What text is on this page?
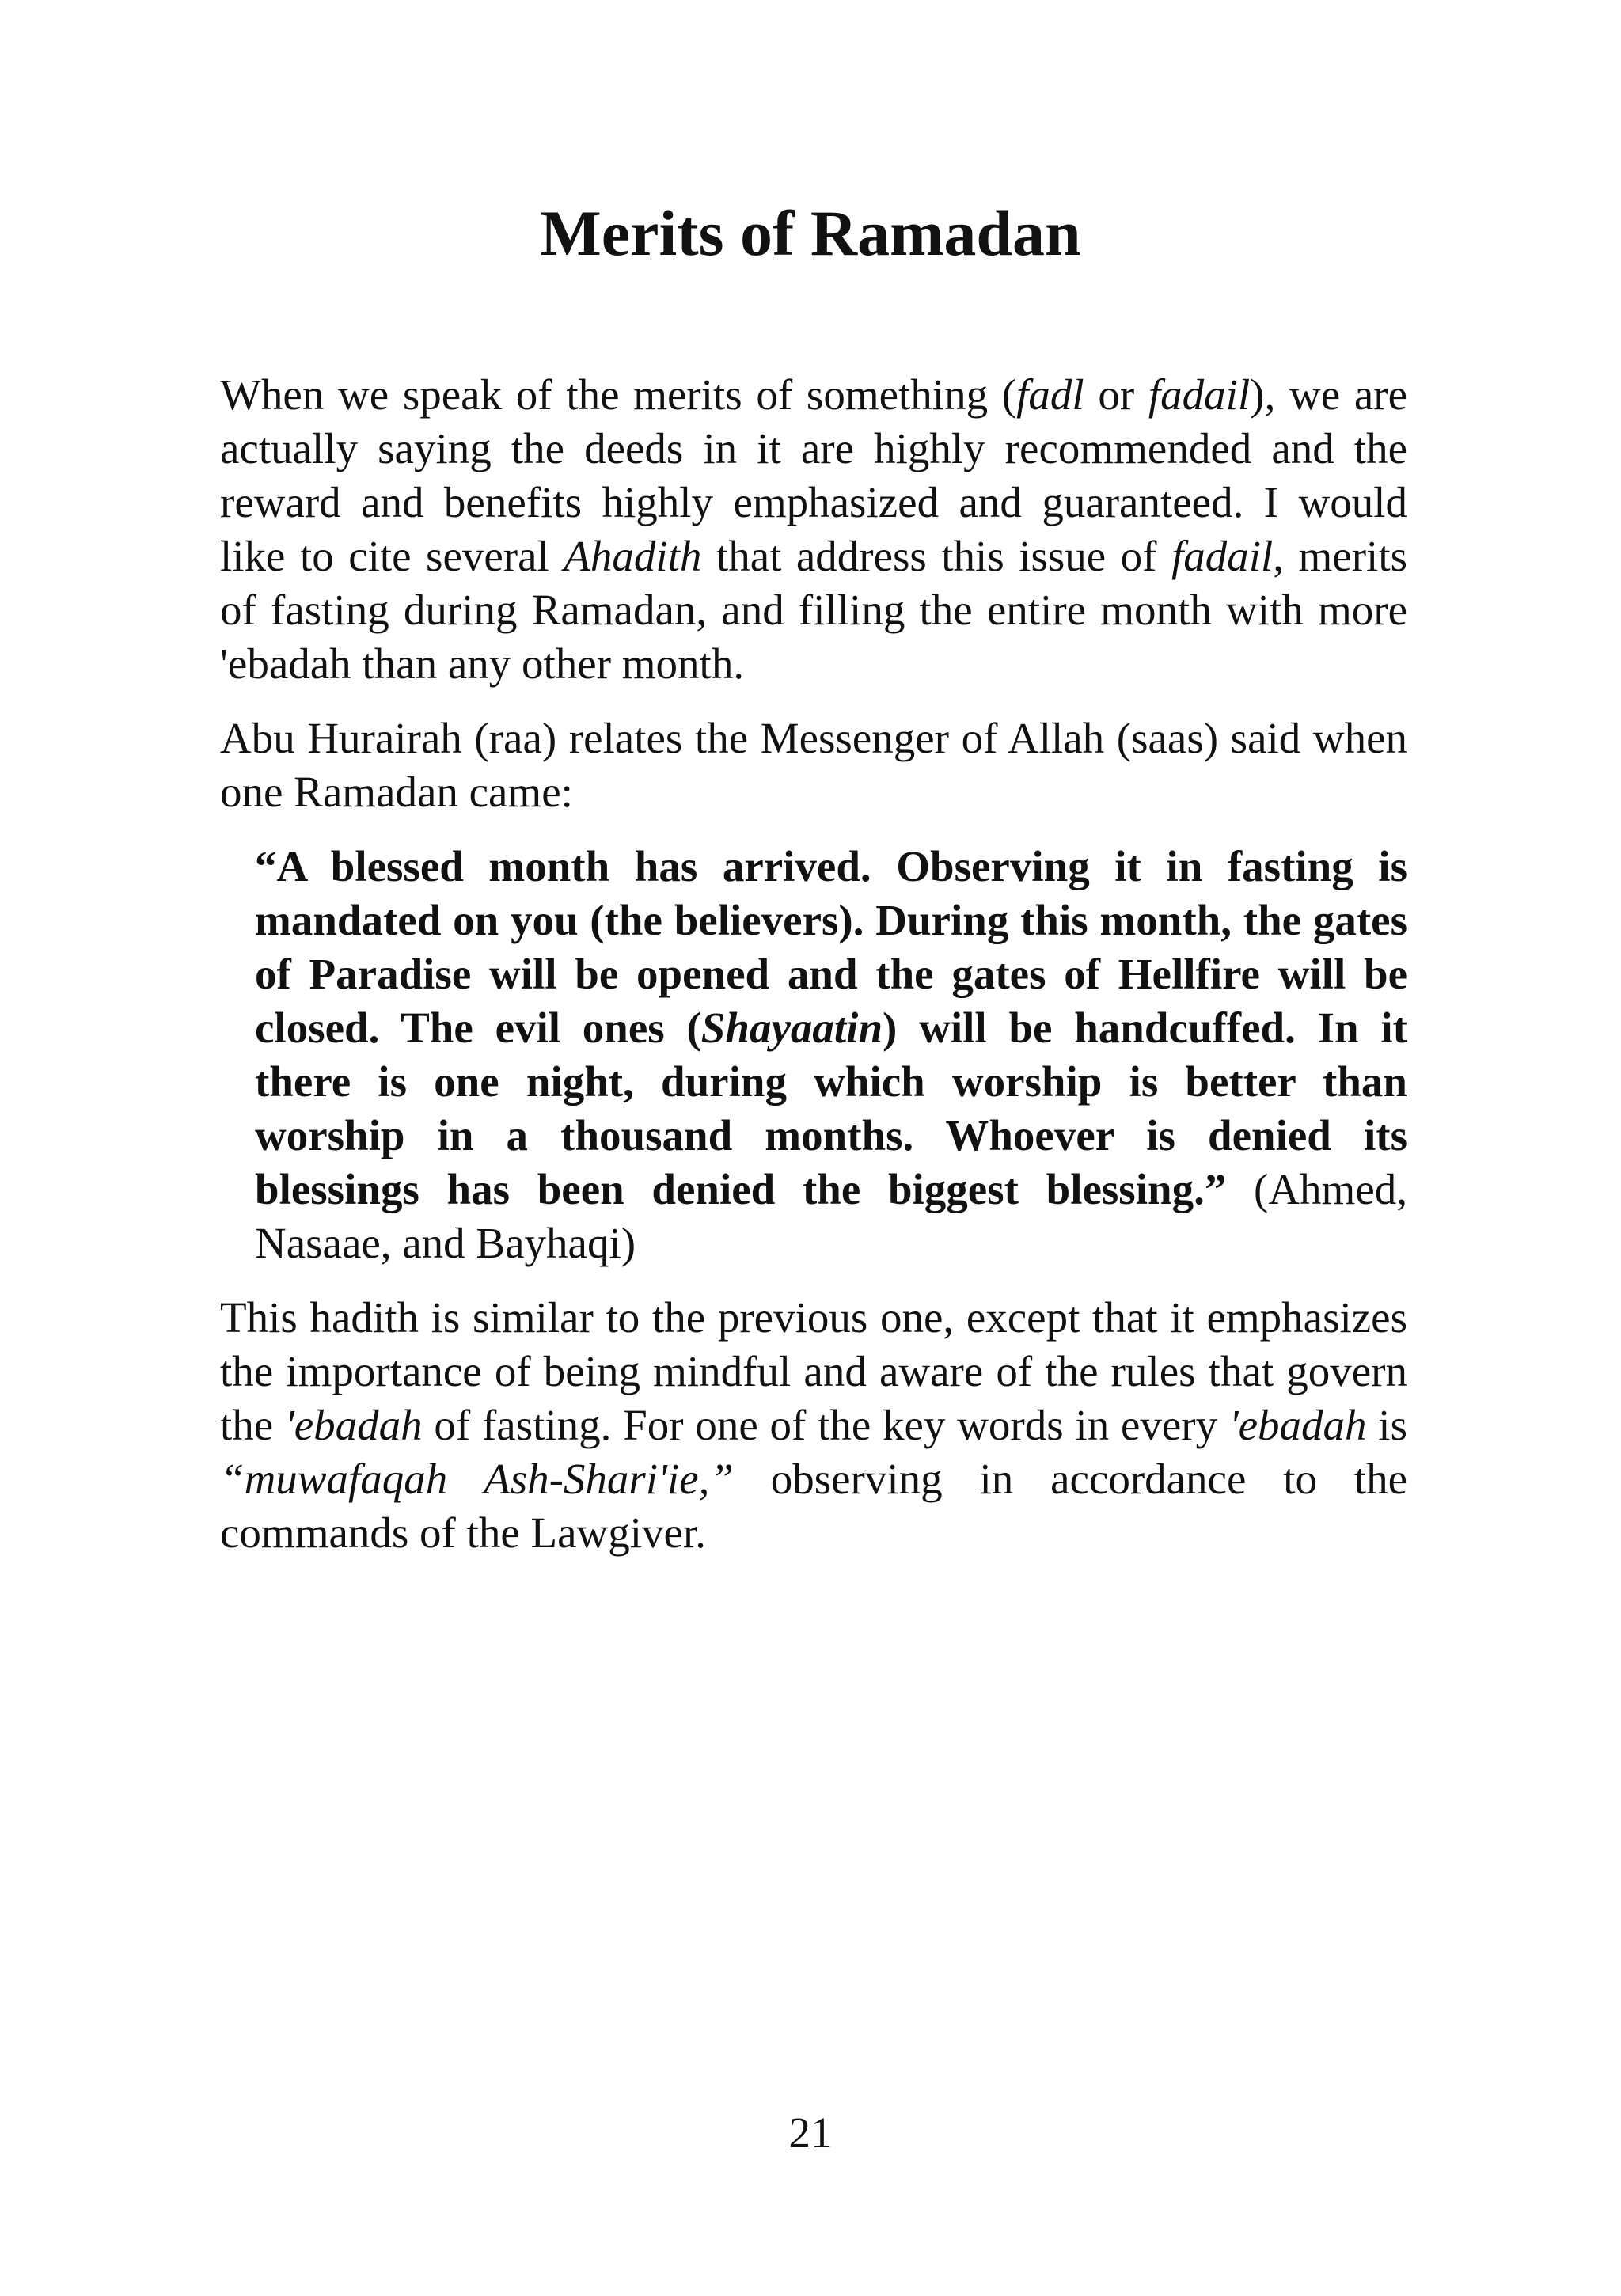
Merits of Ramadan

When we speak of the merits of something (fadl or fadail), we are actually saying the deeds in it are highly recommended and the reward and benefits highly emphasized and guaranteed. I would like to cite several Ahadith that address this issue of fadail, merits of fasting during Ramadan, and filling the entire month with more 'ebadah than any other month.

Abu Hurairah (raa) relates the Messenger of Allah (saas) said when one Ramadan came:

“A blessed month has arrived. Observing it in fasting is mandated on you (the believers). During this month, the gates of Paradise will be opened and the gates of Hellfire will be closed. The evil ones (Shayaatin) will be handcuffed. In it there is one night, during which worship is better than worship in a thousand months. Whoever is denied its blessings has been denied the biggest blessing.” (Ahmed, Nasaae, and Bayhaqi)

This hadith is similar to the previous one, except that it emphasizes the importance of being mindful and aware of the rules that govern the 'ebadah of fasting. For one of the key words in every 'ebadah is “muwafaqah Ash-Shari'ie,” observing in accordance to the commands of the Lawgiver.

21
